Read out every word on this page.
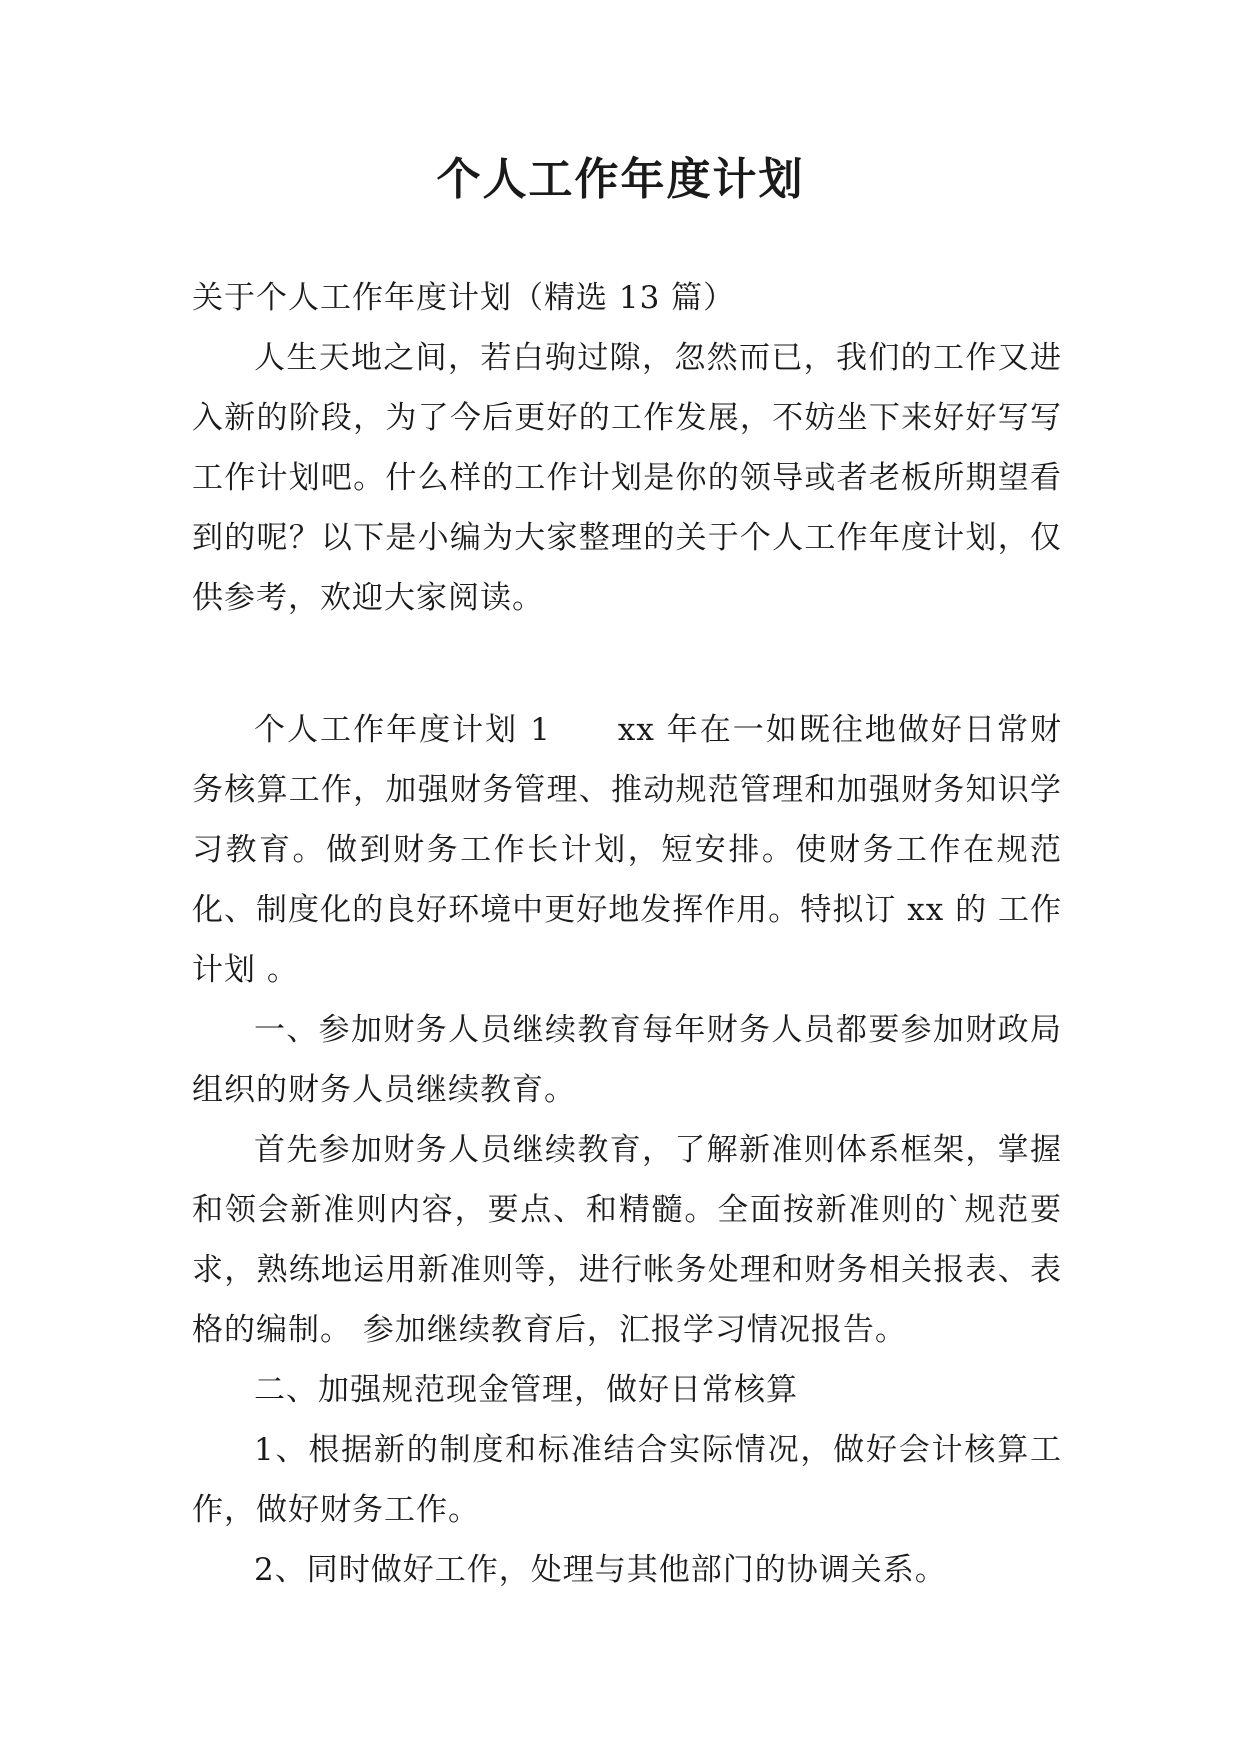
个人工作年度计划

关于个人工作年度计划（精选 13 篇）

人生天地之间，若白驹过隙，忽然而已，我们的工作又进入新的阶段，为了今后更好的工作发展，不妨坐下来好好写写工作计划吧。什么样的工作计划是你的领导或者老板所期望看到的呢？以下是小编为大家整理的关于个人工作年度计划，仅供参考，欢迎大家阅读。

个人工作年度计划 1　　xx 年在一如既往地做好日常财务核算工作，加强财务管理、推动规范管理和加强财务知识学习教育。做到财务工作长计划，短安排。使财务工作在规范化、制度化的良好环境中更好地发挥作用。特拟订 xx 的 工作计划 。

一、参加财务人员继续教育每年财务人员都要参加财政局组织的财务人员继续教育。

首先参加财务人员继续教育，了解新准则体系框架，掌握和领会新准则内容，要点、和精髓。全面按新准则的`规范要求，熟练地运用新准则等，进行帐务处理和财务相关报表、表格的编制。 参加继续教育后，汇报学习情况报告。

二、加强规范现金管理，做好日常核算

1、根据新的制度和标准结合实际情况，做好会计核算工作，做好财务工作。

2、同时做好工作，处理与其他部门的协调关系。
